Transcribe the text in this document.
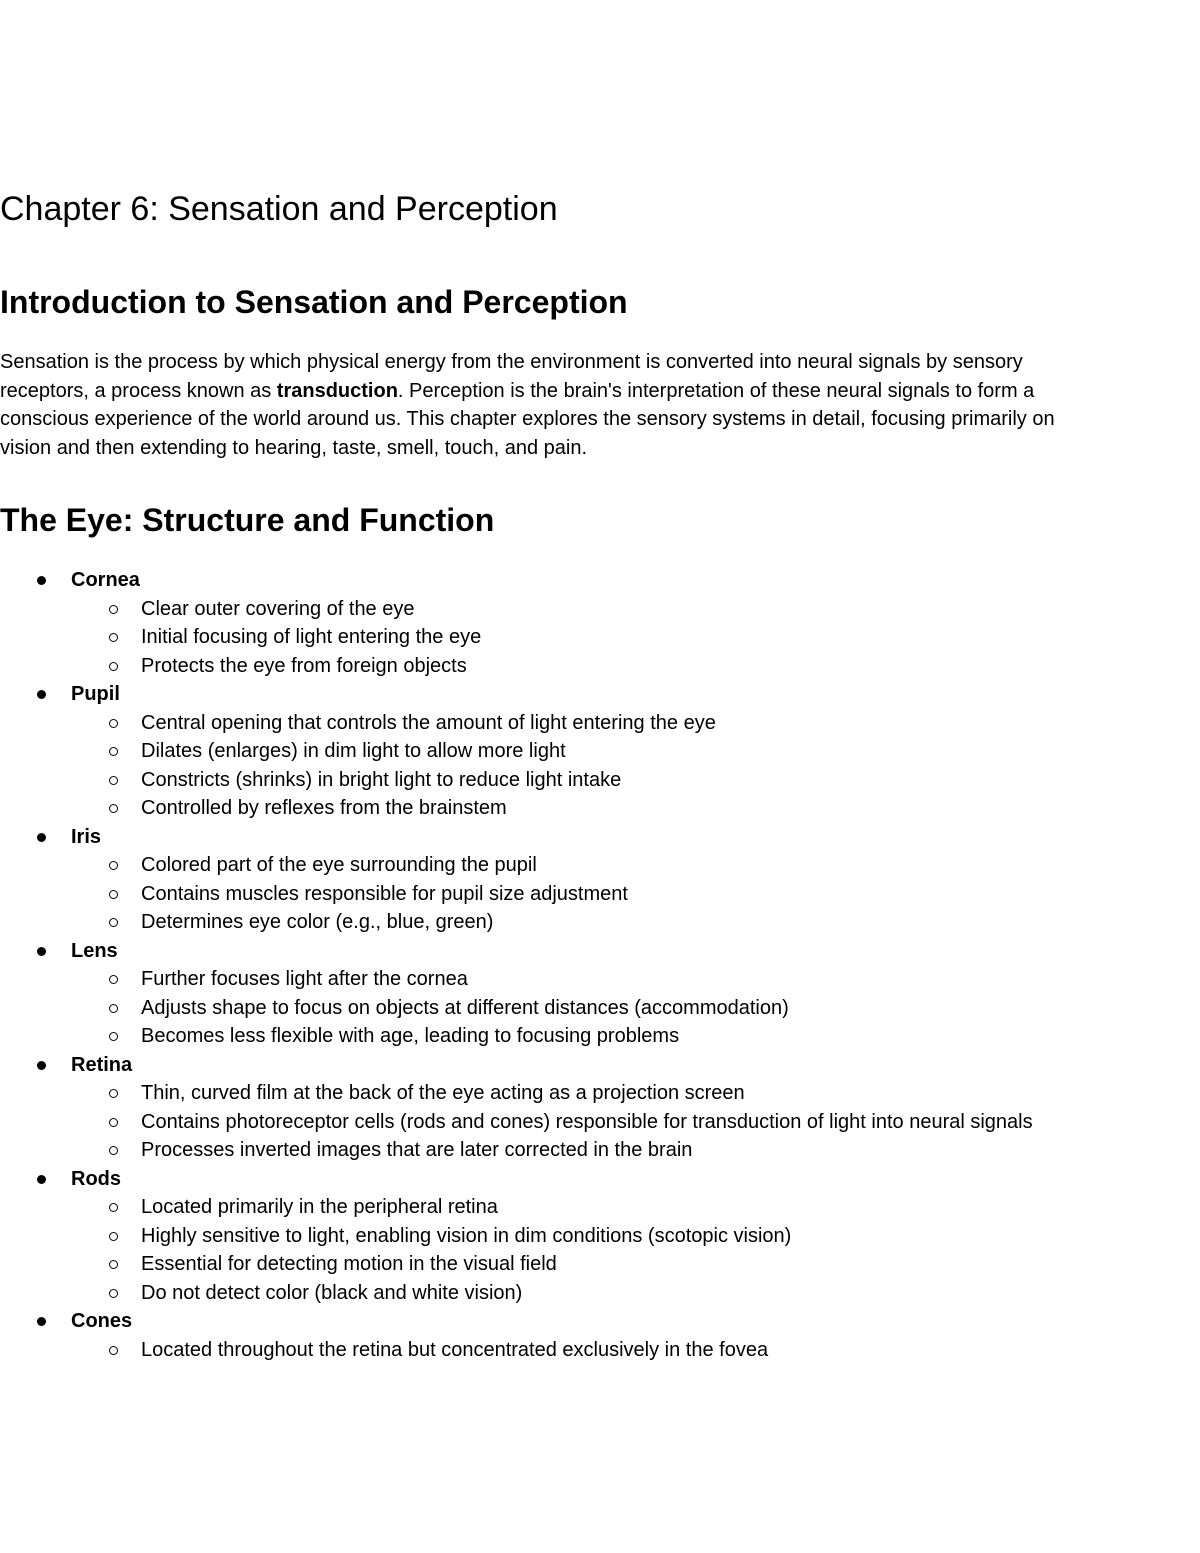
Chapter 6: Sensation and Perception
Introduction to Sensation and Perception

Sensation is the process by which physical energy from the environment is converted into neural signals by sensory receptors, a process known as transduction. Perception is the brain's interpretation of these neural signals to form a conscious experience of the world around us. This chapter explores the sensory systems in detail, focusing primarily on vision and then extending to hearing, taste, smell, touch, and pain.

The Eye: Structure and Function
Cornea
Clear outer covering of the eye
Initial focusing of light entering the eye
Protects the eye from foreign objects
Pupil
Central opening that controls the amount of light entering the eye
Dilates (enlarges) in dim light to allow more light
Constricts (shrinks) in bright light to reduce light intake
Controlled by reflexes from the brainstem
Iris
Colored part of the eye surrounding the pupil
Contains muscles responsible for pupil size adjustment
Determines eye color (e.g., blue, green)
Lens
Further focuses light after the cornea
Adjusts shape to focus on objects at different distances (accommodation)
Becomes less flexible with age, leading to focusing problems
Retina
Thin, curved film at the back of the eye acting as a projection screen
Contains photoreceptor cells (rods and cones) responsible for transduction of light into neural signals
Processes inverted images that are later corrected in the brain
Rods
Located primarily in the peripheral retina
Highly sensitive to light, enabling vision in dim conditions (scotopic vision)
Essential for detecting motion in the visual field
Do not detect color (black and white vision)
Cones
Located throughout the retina but concentrated exclusively in the fovea
